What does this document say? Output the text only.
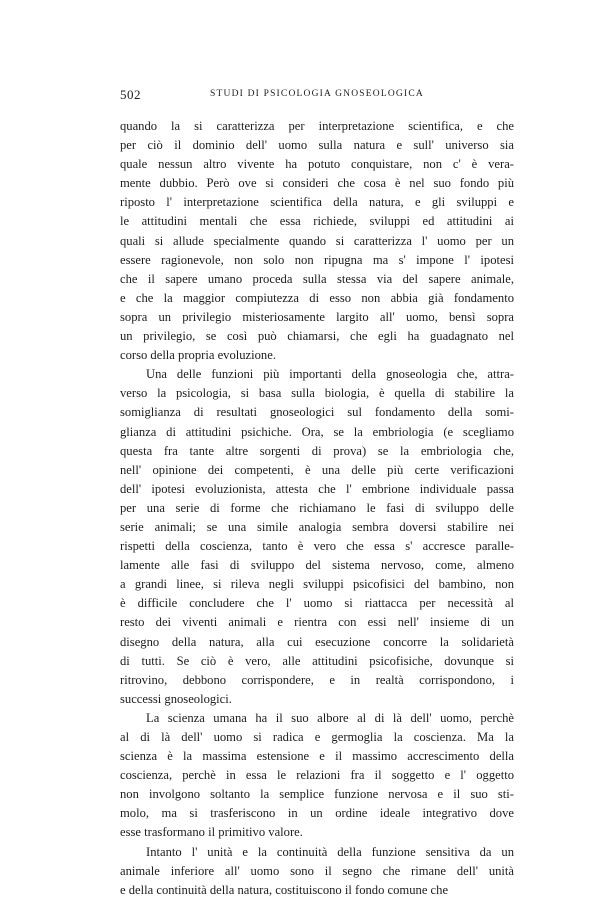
502	STUDI DI PSICOLOGIA GNOSEOLOGICA
quando la si caratterizza per interpretazione scientifica, e che
per ciò il dominio dell' uomo sulla natura e sull' universo sia
quale nessun altro vivente ha potuto conquistare, non c' è vera-
mente dubbio. Però ove si consideri che cosa è nel suo fondo più
riposto l' interpretazione scientifica della natura, e gli sviluppi e
le attitudini mentali che essa richiede, sviluppi ed attitudini ai
quali si allude specialmente quando si caratterizza l' uomo per un
essere ragionevole, non solo non ripugna ma s' impone l' ipotesi
che il sapere umano proceda sulla stessa via del sapere animale,
e che la maggior compiutezza di esso non abbia già fondamento
sopra un privilegio misteriosamente largito all' uomo, bensì sopra
un privilegio, se così può chiamarsi, che egli ha guadagnato nel
corso della propria evoluzione.
Una delle funzioni più importanti della gnoseologia che, attra-
verso la psicologia, si basa sulla biologia, è quella di stabilire la
somiglianza di resultati gnoseologici sul fondamento della somi-
glianza di attitudini psichiche. Ora, se la embriologia (e scegliamo
questa fra tante altre sorgenti di prova) se la embriologia che,
nell' opinione dei competenti, è una delle più certe verificazioni
dell' ipotesi evoluzionista, attesta che l' embrione individuale passa
per una serie di forme che richiamano le fasi di sviluppo delle
serie animali; se una simile analogia sembra doversi stabilire nei
rispetti della coscienza, tanto è vero che essa s' accresce paralle-
lamente alle fasi di sviluppo del sistema nervoso, come, almeno
a grandi linee, si rileva negli sviluppi psicofisici del bambino, non
è difficile concludere che l' uomo si riattacca per necessità al
resto dei viventi animali e rientra con essi nell' insieme di un
disegno della natura, alla cui esecuzione concorre la solidarietà
di tutti. Se ciò è vero, alle attitudini psicofisiche, dovunque si
ritrovino, debbono corrispondere, e in realtà corrispondono, i
successi gnoseologici.
La scienza umana ha il suo albore al di là dell' uomo, perchè
al di là dell' uomo si radica e germoglia la coscienza. Ma la
scienza è la massima estensione e il massimo accrescimento della
coscienza, perchè in essa le relazioni fra il soggetto e l' oggetto
non involgono soltanto la semplice funzione nervosa e il suo sti-
molo, ma si trasferiscono in un ordine ideale integrativo dove
esse trasformano il primitivo valore.
Intanto l' unità e la continuità della funzione sensitiva da un
animale inferiore all' uomo sono il segno che rimane dell' unità
e della continuità della natura, costituiscono il fondo comune che
